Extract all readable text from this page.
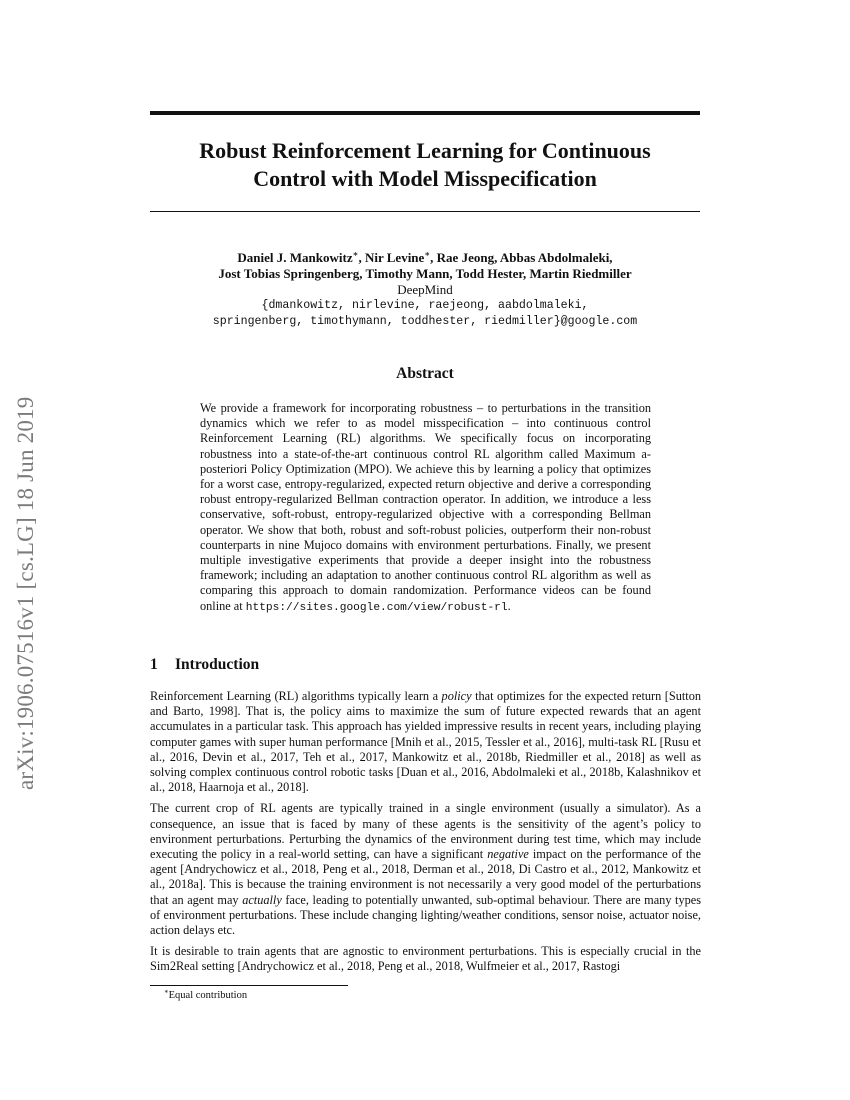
arXiv:1906.07516v1 [cs.LG] 18 Jun 2019
Robust Reinforcement Learning for Continuous
Control with Model Misspecification

Daniel J. Mankowitz∗, Nir Levine∗, Rae Jeong, Abbas Abdolmaleki,

Jost Tobias Springenberg, Timothy Mann, Todd Hester, Martin Riedmiller

DeepMind

{dmankowitz, nirlevine, raejeong, aabdolmaleki,

springenberg, timothymann, toddhester, riedmiller}@google.com

Abstract

We provide a framework for incorporating robustness – to perturbations in the transition dynamics which we refer to as model misspecification – into continuous control Reinforcement Learning (RL) algorithms. We specifically focus on incorporating robustness into a state-of-the-art continuous control RL algorithm called Maximum a-posteriori Policy Optimization (MPO). We achieve this by learning a policy that optimizes for a worst case, entropy-regularized, expected return objective and derive a corresponding robust entropy-regularized Bellman contraction operator. In addition, we introduce a less conservative, soft-robust, entropy-regularized objective with a corresponding Bellman operator. We show that both, robust and soft-robust policies, outperform their non-robust counterparts in nine Mujoco domains with environment perturbations. Finally, we present multiple investigative experiments that provide a deeper insight into the robustness framework; including an adaptation to another continuous control RL algorithm as well as comparing this approach to domain randomization. Performance videos can be found online at https://sites.google.com/view/robust-rl.

1 Introduction

Reinforcement Learning (RL) algorithms typically learn a policy that optimizes for the expected return [Sutton and Barto, 1998]. That is, the policy aims to maximize the sum of future expected rewards that an agent accumulates in a particular task. This approach has yielded impressive results in recent years, including playing computer games with super human performance [Mnih et al., 2015, Tessler et al., 2016], multi-task RL [Rusu et al., 2016, Devin et al., 2017, Teh et al., 2017, Mankowitz et al., 2018b, Riedmiller et al., 2018] as well as solving complex continuous control robotic tasks [Duan et al., 2016, Abdolmaleki et al., 2018b, Kalashnikov et al., 2018, Haarnoja et al., 2018].

The current crop of RL agents are typically trained in a single environment (usually a simulator). As a consequence, an issue that is faced by many of these agents is the sensitivity of the agent’s policy to environment perturbations. Perturbing the dynamics of the environment during test time, which may include executing the policy in a real-world setting, can have a significant negative impact on the performance of the agent [Andrychowicz et al., 2018, Peng et al., 2018, Derman et al., 2018, Di Castro et al., 2012, Mankowitz et al., 2018a]. This is because the training environment is not necessarily a very good model of the perturbations that an agent may actually face, leading to potentially unwanted, sub-optimal behaviour. There are many types of environment perturbations. These include changing lighting/weather conditions, sensor noise, actuator noise, action delays etc.

It is desirable to train agents that are agnostic to environment perturbations. This is especially crucial in the Sim2Real setting [Andrychowicz et al., 2018, Peng et al., 2018, Wulfmeier et al., 2017, Rastogi

∗Equal contribution
